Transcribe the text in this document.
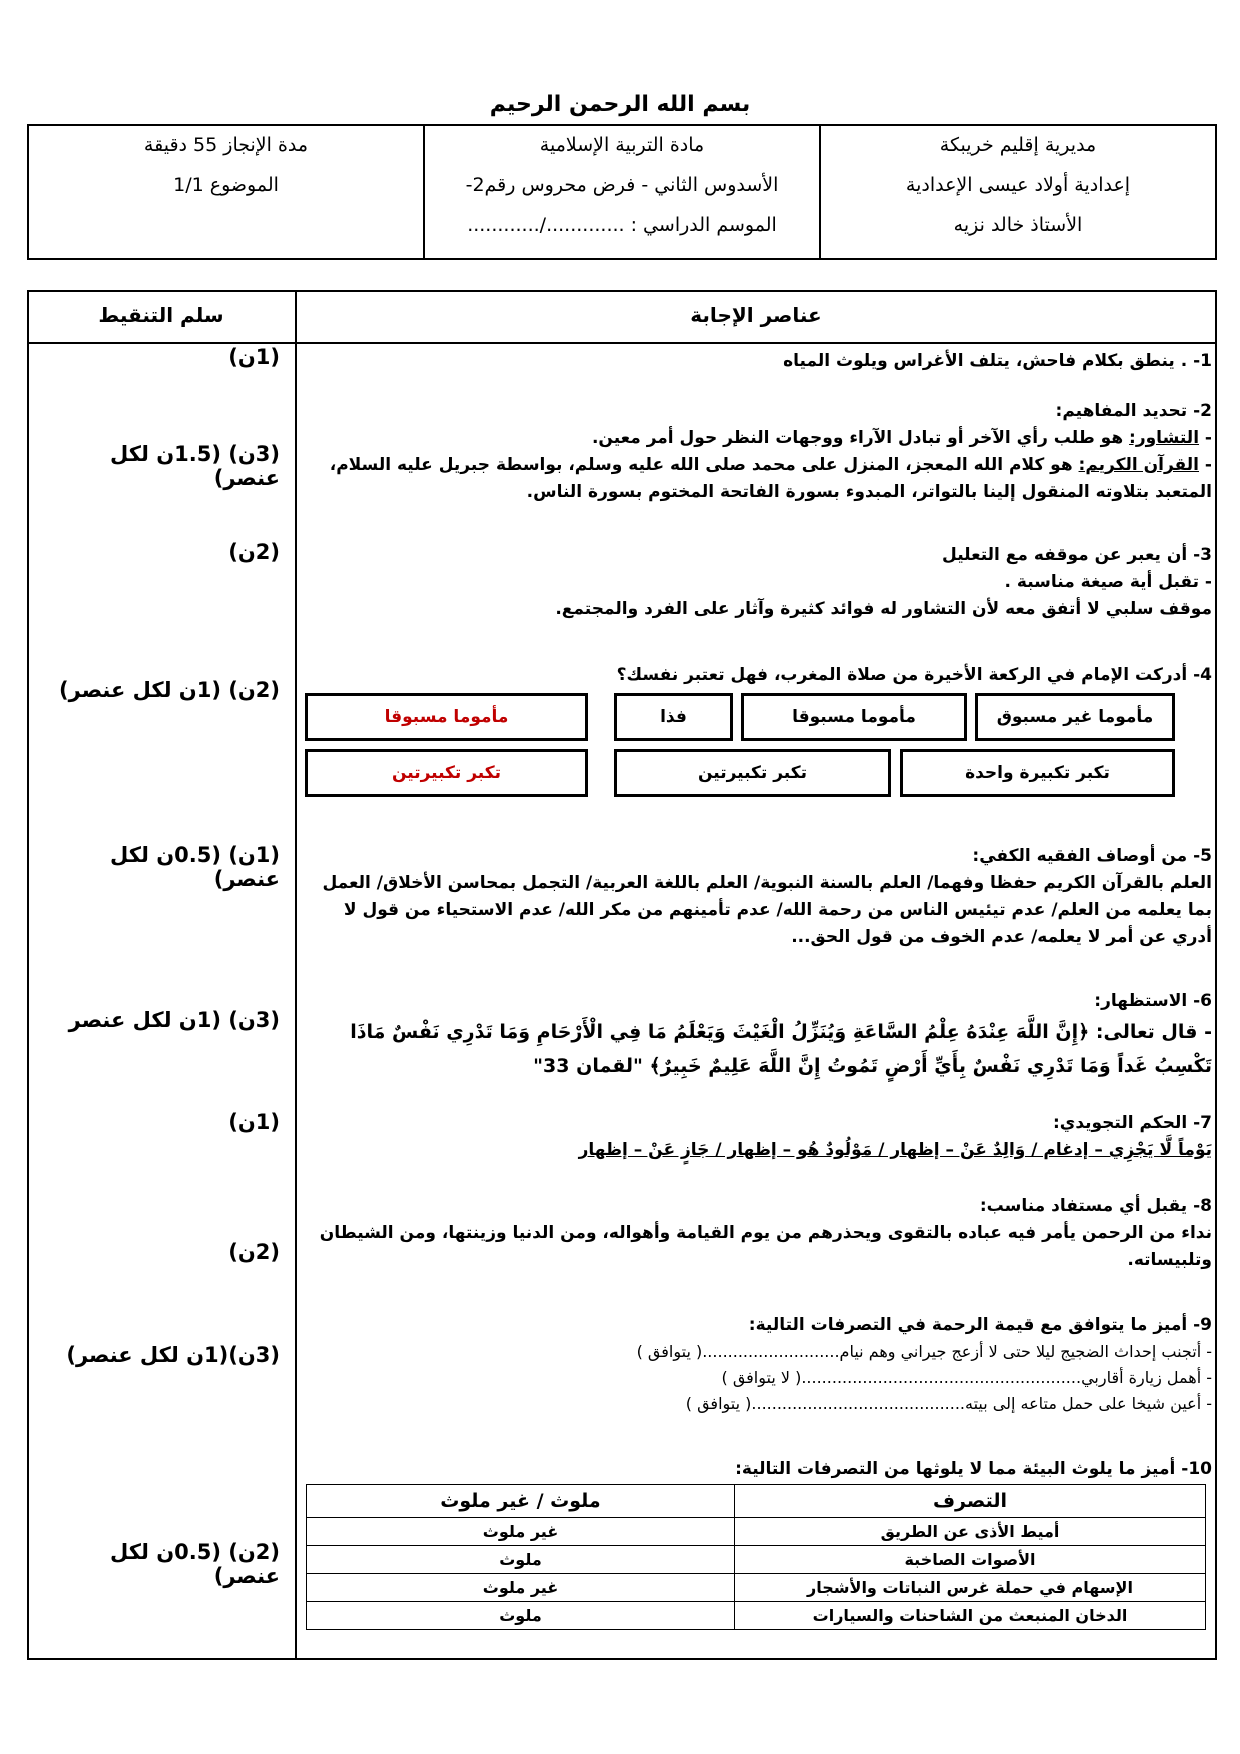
بسم الله الرحمن الرحيم
مديرية إقليم خريبكة
إعدادية أولاد عيسى الإعدادية
الأستاذ خالد نزيه
مادة التربية الإسلامية
الأسدوس الثاني - فرض محروس رقم2-
الموسم الدراسي : ............./............
مدة الإنجاز 55 دقيقة
الموضوع 1/1
عناصر الإجابة
سلم التنقيط

1- . ينطق بكلام فاحش، يتلف الأغراس ويلوث المياه

(1ن)

2- تحديد المفاهيم:

- التشاور: هو طلب رأي الآخر أو تبادل الآراء ووجهات النظر حول أمر معين.

- القرآن الكريم: هو كلام الله المعجز، المنزل على محمد صلى الله عليه وسلم، بواسطة جبريل عليه السلام، المتعبد بتلاوته المنقول إلينا بالتواتر، المبدوء بسورة الفاتحة المختوم بسورة الناس.

(3ن) (1.5ن لكل عنصر)

3- أن يعبر عن موقفه مع التعليل

- تقبل أية صيغة مناسبة .

موقف سلبي لا أتفق معه لأن التشاور له فوائد كثيرة وآثار على الفرد والمجتمع.

(2ن)
4- أدركت الإمام في الركعة الأخيرة من صلاة المغرب، فهل تعتبر نفسك؟
مأموما غير مسبوق
مأموما مسبوقا
فذا
مأموما مسبوقا
تكبر تكبيرة واحدة
تكبر تكبيرتين
تكبر تكبيرتين
(2ن) (1ن لكل عنصر)

5- من أوصاف الفقيه الكفي:

العلم بالقرآن الكريم حفظا وفهما/ العلم بالسنة النبوية/ العلم باللغة العربية/ التجمل بمحاسن الأخلاق/ العمل بما يعلمه من العلم/ عدم تيئيس الناس من رحمة الله/ عدم تأمينهم من مكر الله/ عدم الاستحياء من قول لا أدري عن أمر لا يعلمه/ عدم الخوف من قول الحق...

(1ن) (0.5ن لكل عنصر)

6- الاستظهار:

- قال تعالى: ﴿إِنَّ اللَّهَ عِنْدَهُ عِلْمُ السَّاعَةِ وَيُنَزِّلُ الْغَيْثَ وَيَعْلَمُ مَا فِي الْأَرْحَامِ وَمَا تَدْرِي نَفْسٌ مَاذَا تَكْسِبُ غَداً وَمَا تَدْرِي نَفْسٌ بِأَيِّ أَرْضٍ تَمُوتُ إِنَّ اللَّهَ عَلِيمٌ خَبِيرٌ﴾ "لقمان 33"

(3ن) (1ن لكل عنصر

7- الحكم التجويدي:

يَوْماً لَّا يَجْزِي – إدغام / وَالِدٌ عَنْ – إظهار / مَوْلُودٌ هُو – إظهار / جَازٍ عَنْ – إظهار

(1ن)

8- يقبل أي مستفاد مناسب:

نداء من الرحمن يأمر فيه عباده بالتقوى ويحذرهم من يوم القيامة وأهواله، ومن الدنيا وزينتها، ومن الشيطان وتلبيساته.

(2ن)

9- أميز ما يتوافق مع قيمة الرحمة في التصرفات التالية:

- أتجنب إحداث الضجيج ليلا حتى لا أزعج جيراني وهم نيام...........................( يتوافق )

- أهمل زيارة أقاربي.......................................................( لا يتوافق )

- أعين شيخا على حمل متاعه إلى بيته..........................................( يتوافق )

(3ن)(1ن لكل عنصر)
10- أميز ما يلوث البيئة مما لا يلوثها من التصرفات التالية:
التصرف	ملوث / غير ملوث
أميط الأذى عن الطريق	غير ملوث
الأصوات الصاخبة	ملوث
الإسهام في حملة غرس النباتات والأشجار	غير ملوث
الدخان المنبعث من الشاحنات والسيارات	ملوث
(2ن) (0.5ن لكل عنصر)
